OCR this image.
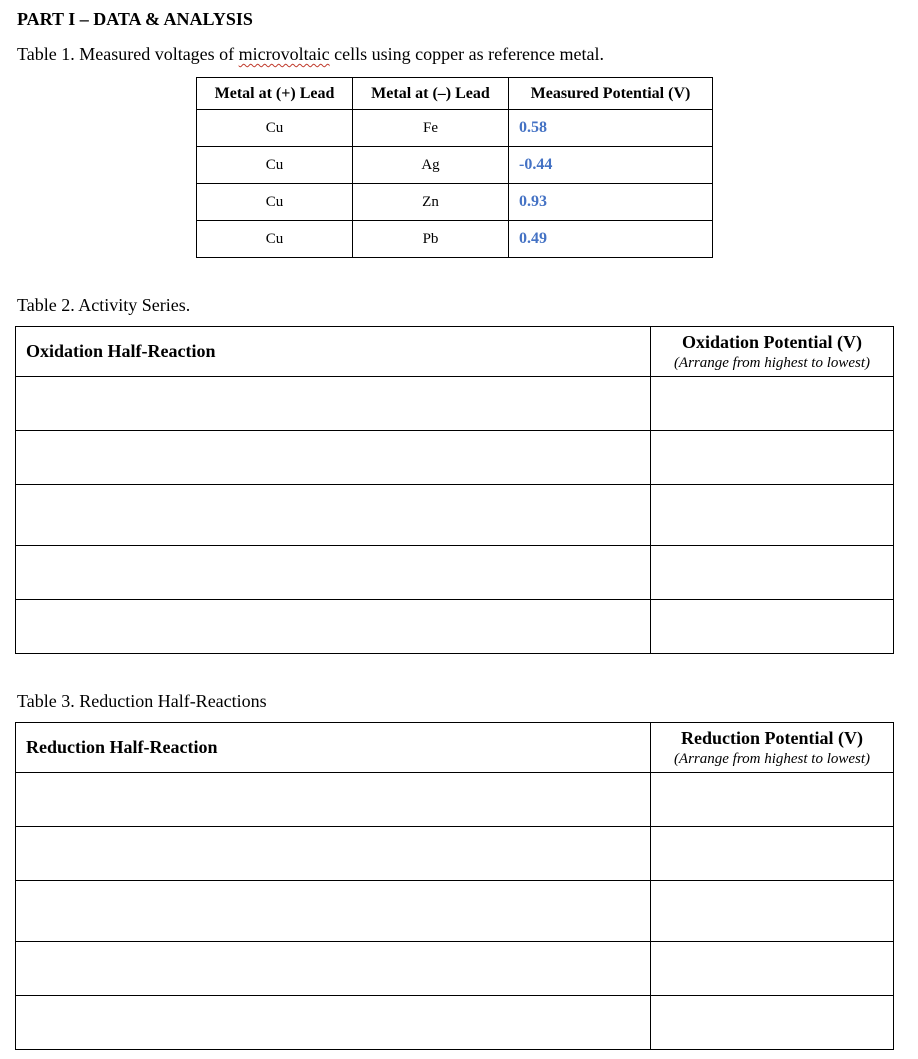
PART I – DATA & ANALYSIS
Table 1. Measured voltages of microvoltaic cells using copper as reference metal.
Metal at (+) Lead	Metal at (–) Lead	Measured Potential (V)
Cu	Fe	0.58
Cu	Ag	-0.44
Cu	Zn	0.93
Cu	Pb	0.49
Table 2. Activity Series.
Oxidation Half-Reaction	Oxidation Potential (V)
(Arrange from highest to lowest)

Table 3. Reduction Half-Reactions
Reduction Half-Reaction	Reduction Potential (V)
(Arrange from highest to lowest)
